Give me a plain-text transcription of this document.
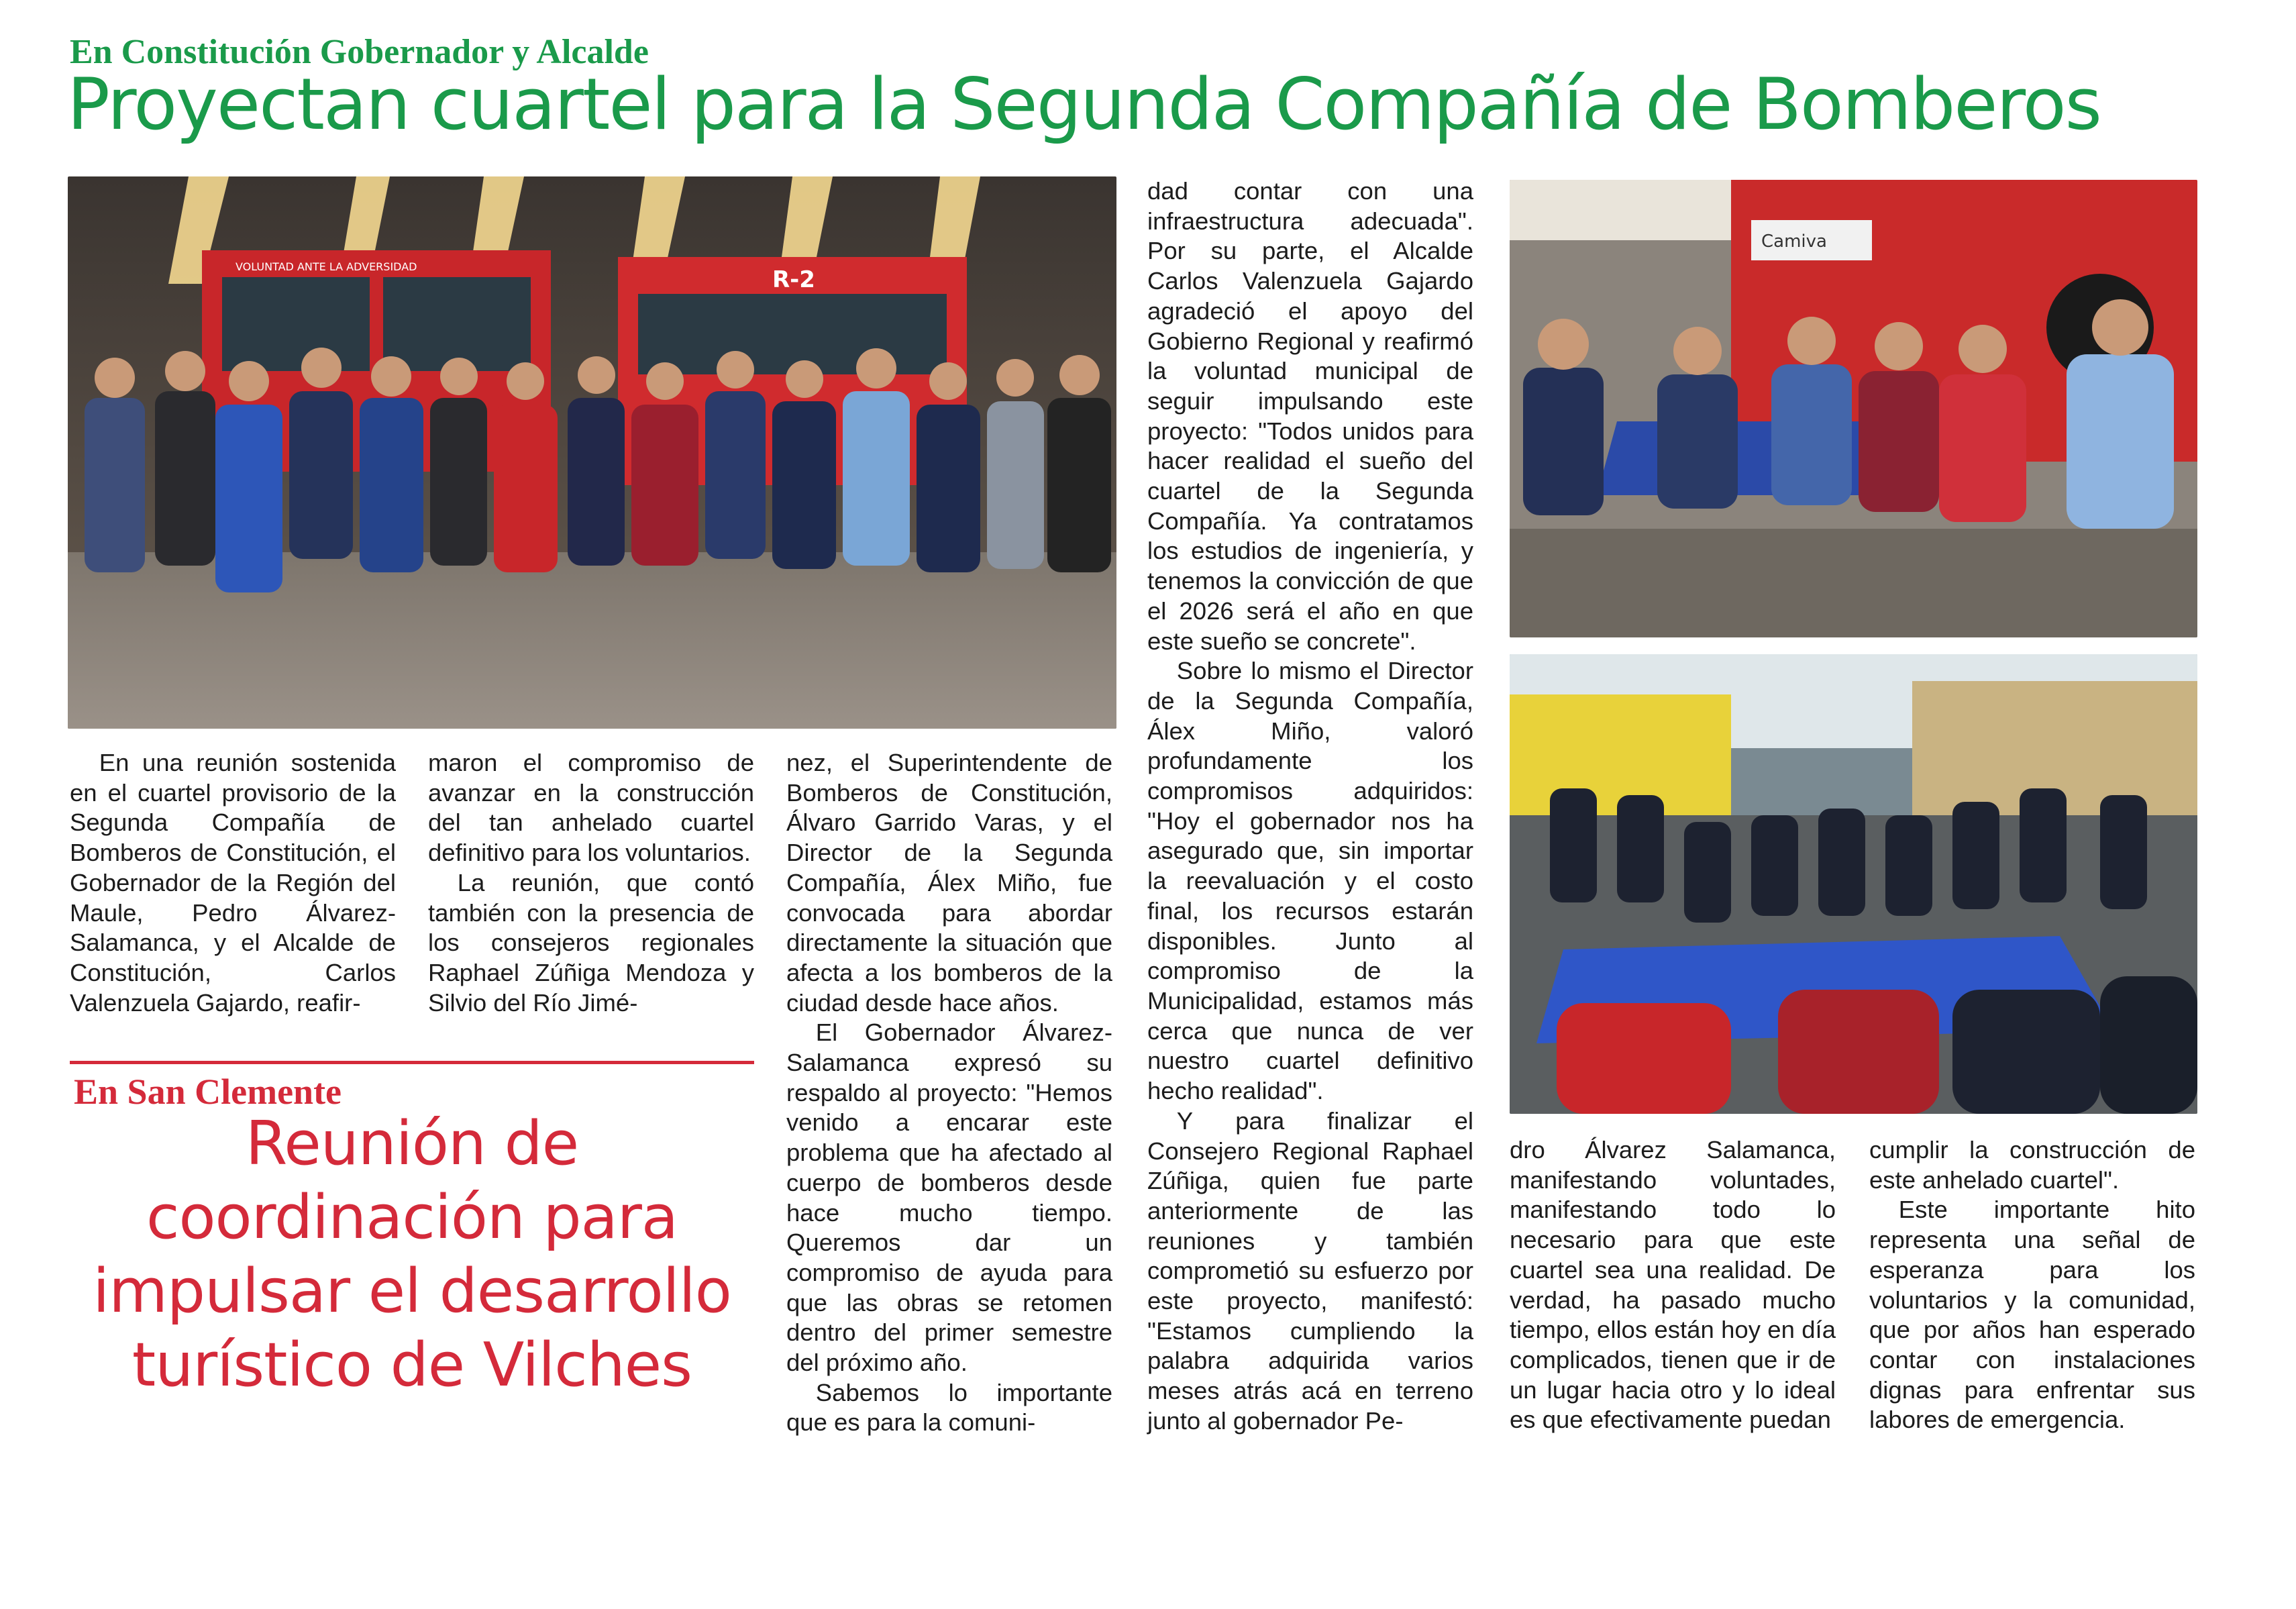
En Constitución Gobernador y Alcalde
Proyectan cuartel para la Segunda Compañía de Bomberos
VOLUNTAD ANTE LA ADVERSIDAD	R-2
Camiva

En una reunión sostenida en el cuartel provisorio de la Segunda Compañía de Bomberos de Constitución, el Gobernador de la Región del Maule, Pedro Álvarez-Salamanca, y el Alcalde de Constitución, Carlos Valenzuela Gajardo, reafir-

maron el compromiso de avanzar en la construcción del tan anhelado cuartel definitivo para los voluntarios.

La reunión, que contó también con la presencia de los consejeros regionales Raphael Zúñiga Mendoza y Silvio del Río Jimé-

nez, el Superintendente de Bomberos de Constitución, Álvaro Garrido Varas, y el Director de la Segunda Compañía, Álex Miño, fue convocada para abordar directamente la situación que afecta a los bomberos de la ciudad desde hace años.

El Gobernador Álvarez-Salamanca expresó su respaldo al proyecto: "Hemos venido a encarar este problema que ha afectado al cuerpo de bomberos desde hace mucho tiempo. Queremos dar un compromiso de ayuda para que las obras se retomen dentro del primer semestre del próximo año.

Sabemos lo importante que es para la comuni-

dad contar con una infraestructura adecuada". Por su parte, el Alcalde Carlos Valenzuela Gajardo agradeció el apoyo del Gobierno Regional y reafirmó la voluntad municipal de seguir impulsando este proyecto: "Todos unidos para hacer realidad el sueño del cuartel de la Segunda Compañía. Ya contratamos los estudios de ingeniería, y tenemos la convicción de que el 2026 será el año en que este sueño se concrete".

Sobre lo mismo el Director de la Segunda Compañía, Álex Miño, valoró profundamente los compromisos adquiridos: "Hoy el gobernador nos ha asegurado que, sin importar la reevaluación y el costo final, los recursos estarán disponibles. Junto al compromiso de la Municipalidad, estamos más cerca que nunca de ver nuestro cuartel definitivo hecho realidad".

Y para finalizar el Consejero Regional Raphael Zúñiga, quien fue parte anteriormente de las reuniones y también comprometió su esfuerzo por este proyecto, manifestó: "Estamos cumpliendo la palabra adquirida varios meses atrás acá en terreno junto al gobernador Pe-

dro Álvarez Salamanca, manifestando voluntades, manifestando todo lo necesario para que este cuartel sea una realidad. De verdad, ha pasado mucho tiempo, ellos están hoy en día complicados, tienen que ir de un lugar hacia otro y lo ideal es que efectivamente puedan

cumplir la construcción de este anhelado cuartel".

Este importante hito representa una señal de esperanza para los voluntarios y la comunidad, que por años han esperado contar con instalaciones dignas para enfrentar sus labores de emergencia.

En San Clemente
Reunión de coordinación para impulsar el desarrollo turístico de Vilches
